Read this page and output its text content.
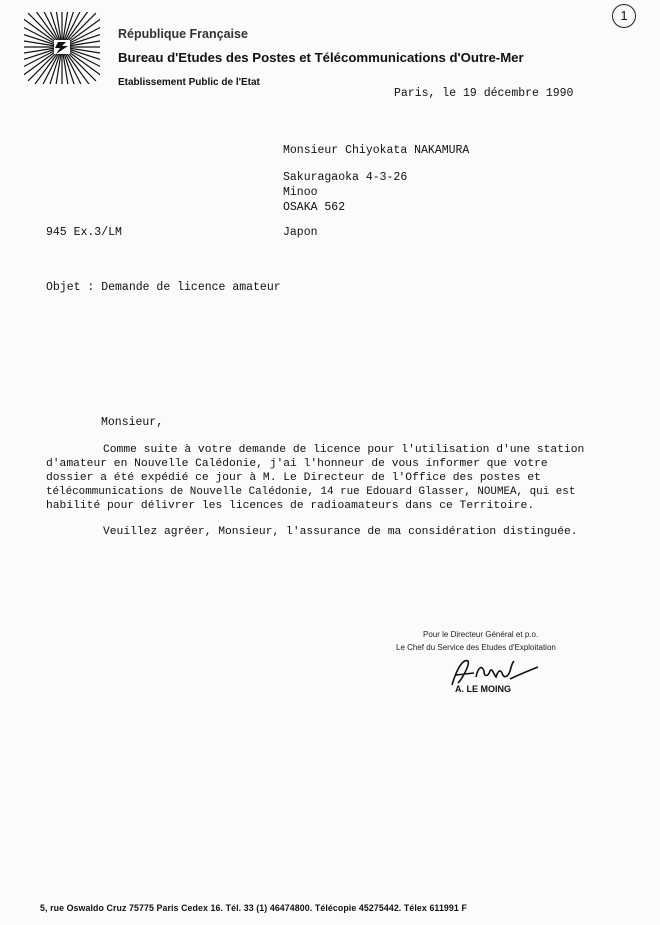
République Française
Bureau d'Etudes des Postes et Télécommunications d'Outre-Mer
Etablissement Public de l'Etat
1
Paris, le 19 décembre 1990
Monsieur Chiyokata NAKAMURA
Sakuragaoka 4-3-26
Minoo
OSAKA 562
Japon
945 Ex.3/LM
Objet : Demande de licence amateur
Monsieur,
Comme suite à votre demande de licence pour l'utilisation d'une station
d'amateur en Nouvelle Calédonie, j'ai l'honneur de vous informer que votre
dossier a été expédié ce jour à M. Le Directeur de l'Office des postes et
télécommunications de Nouvelle Calédonie, 14 rue Edouard Glasser, NOUMEA, qui est
habilité pour délivrer les licences de radioamateurs dans ce Territoire.
Veuillez agréer, Monsieur, l'assurance de ma considération distinguée.
Pour le Directeur Général et p.o.
Le Chef du Service des Etudes d'Exploitation
A. LE MOING
5, rue Oswaldo Cruz 75775 Paris Cedex 16. Tél. 33 (1) 46474800. Télécopie 45275442. Télex 611991 F
